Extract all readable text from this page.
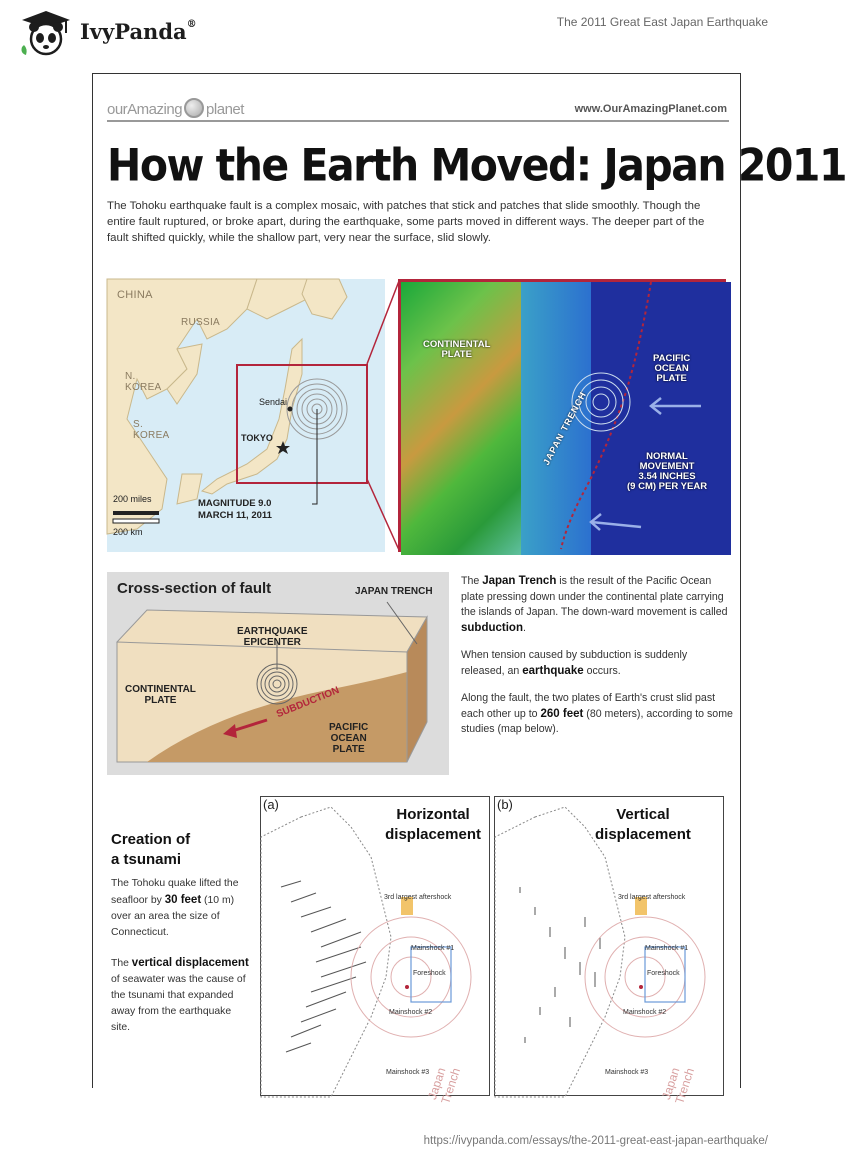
IvyPanda®	The 2011 Great East Japan Earthquake
ourAmazing planet	www.OurAmazingPlanet.com
How the Earth Moved: Japan 2011
The Tohoku earthquake fault is a complex mosaic, with patches that stick and patches that slide smoothly. Though the entire fault ruptured, or broke apart, during the earthquake, some parts moved in different ways. The deeper part of the fault shifted quickly, while the shallow part, very near the surface, slid slowly.
CHINA
RUSSIA
N.
KOREA
S.
KOREA
Sendai
TOKYO
200 miles
200 km
MAGNITUDE 9.0
MARCH 11, 2011
CONTINENTAL
PLATE	PACIFIC
OCEAN
PLATE
JAPAN TRENCH	NORMAL
MOVEMENT
3.54 INCHES
(9 CM) PER YEAR
Cross-section of fault	JAPAN TRENCH
EARTHQUAKE
EPICENTER
CONTINENTAL
PLATE	SUBDUCTION
PACIFIC
OCEAN
PLATE

The Japan Trench is the result of the Pacific Ocean plate pressing down under the continental plate carrying the islands of Japan. The down-ward movement is called subduction.

When tension caused by subduction is suddenly released, an earthquake occurs.

Along the fault, the two plates of Earth's crust slid past each other up to 260 feet (80 meters), according to some studies (map below).

Creation of
a tsunami

The Tohoku quake lifted the seafloor by 30 feet (10 m) over an area the size of Connecticut.

The vertical displacement of seawater was the cause of the tsunami that expanded away from the earthquake site.

(a)
Horizontal
displacement
3rd largest aftershock
Mainshock #1
Foreshock
Mainshock #2
Mainshock #3
Japan Trench
(b)
Vertical
displacement
3rd largest aftershock
Mainshock #1
Foreshock
Mainshock #2
Mainshock #3 Japan Trench
https://ivypanda.com/essays/the-2011-great-east-japan-earthquake/
